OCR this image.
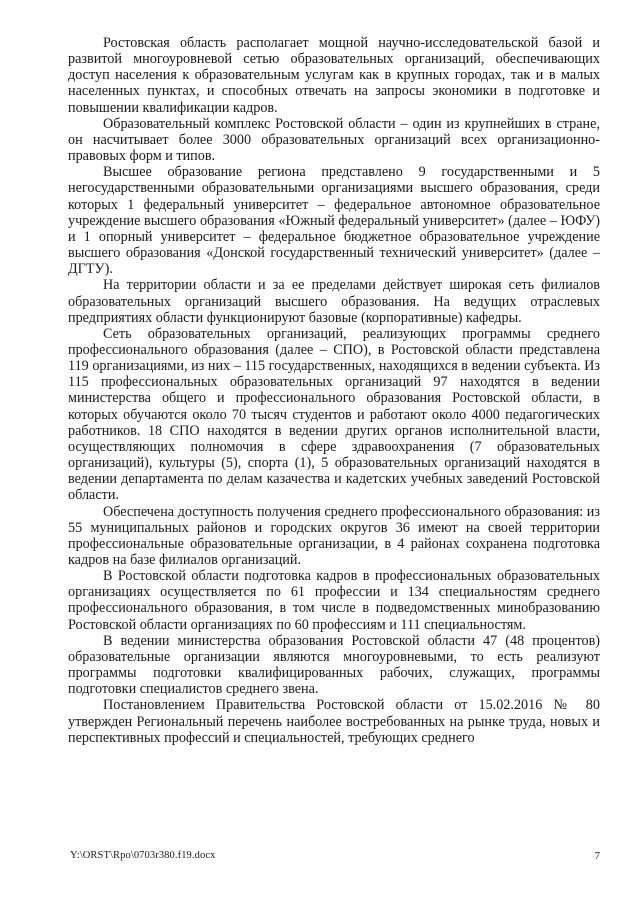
Ростовская область располагает мощной научно-исследовательской базой и развитой многоуровневой сетью образовательных организаций, обеспечивающих доступ населения к образовательным услугам как в крупных городах, так и в малых населенных пунктах, и способных отвечать на запросы экономики в подготовке и повышении квалификации кадров.

Образовательный комплекс Ростовской области – один из крупнейших в стране, он насчитывает более 3000 образовательных организаций всех организационно-правовых форм и типов.

Высшее образование региона представлено 9 государственными и 5 негосударственными образовательными организациями высшего образования, среди которых 1 федеральный университет – федеральное автономное образовательное учреждение высшего образования «Южный федеральный университет» (далее – ЮФУ) и 1 опорный университет – федеральное бюджетное образовательное учреждение высшего образования «Донской государственный технический университет» (далее – ДГТУ).

На территории области и за ее пределами действует широкая сеть филиалов образовательных организаций высшего образования. На ведущих отраслевых предприятиях области функционируют базовые (корпоративные) кафедры.

Сеть образовательных организаций, реализующих программы среднего профессионального образования (далее – СПО), в Ростовской области представлена 119 организациями, из них – 115 государственных, находящихся в ведении субъекта. Из 115 профессиональных образовательных организаций 97 находятся в ведении министерства общего и профессионального образования Ростовской области, в которых обучаются около 70 тысяч студентов и работают около 4000 педагогических работников. 18 СПО находятся в ведении других органов исполнительной власти, осуществляющих полномочия в сфере здравоохранения (7 образовательных организаций), культуры (5), спорта (1), 5 образовательных организаций находятся в ведении департамента по делам казачества и кадетских учебных заведений Ростовской области.

Обеспечена доступность получения среднего профессионального образования: из 55 муниципальных районов и городских округов 36 имеют на своей территории профессиональные образовательные организации, в 4 районах сохранена подготовка кадров на базе филиалов организаций.

В Ростовской области подготовка кадров в профессиональных образовательных организациях осуществляется по 61 профессии и 134 специальностям среднего профессионального образования, в том числе в подведомственных минобразованию Ростовской области организациях по 60 профессиям и 111 специальностям.

В ведении министерства образования Ростовской области 47 (48 процентов) образовательные организации являются многоуровневыми, то есть реализуют программы подготовки квалифицированных рабочих, служащих, программы подготовки специалистов среднего звена.

Постановлением Правительства Ростовской области от 15.02.2016 № 80 утвержден Региональный перечень наиболее востребованных на рынке труда, новых и перспективных профессий и специальностей, требующих среднего

Y:\ORST\Rpo\0703r380.f19.docx	7
